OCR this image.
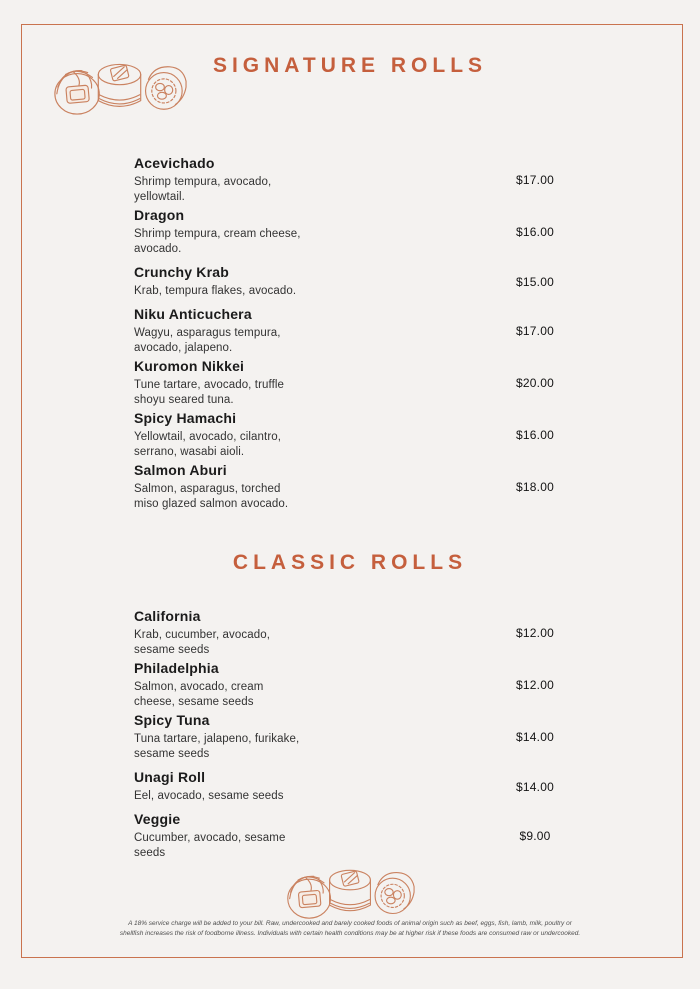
SIGNATURE ROLLS
Acevichado
Shrimp tempura, avocado, yellowtail.
$17.00
Dragon
Shrimp tempura, cream cheese, avocado.
$16.00
Crunchy Krab
Krab, tempura flakes, avocado.
$15.00
Niku Anticuchera
Wagyu, asparagus tempura, avocado, jalapeno.
$17.00
Kuromon Nikkei
Tune tartare, avocado, truffle shoyu seared tuna.
$20.00
Spicy Hamachi
Yellowtail, avocado, cilantro, serrano, wasabi aioli.
$16.00
Salmon Aburi
Salmon, asparagus, torched miso glazed salmon avocado.
$18.00
CLASSIC ROLLS
California
Krab, cucumber, avocado, sesame seeds
$12.00
Philadelphia
Salmon, avocado, cream cheese, sesame seeds
$12.00
Spicy Tuna
Tuna tartare, jalapeno, furikake, sesame seeds
$14.00
Unagi Roll
Eel, avocado, sesame seeds
$14.00
Veggie
Cucumber, avocado, sesame seeds
$9.00
A 18% service charge will be added to your bill. Raw, undercooked and barely cooked foods of animal origin such as beef, eggs, fish, lamb, milk, poultry or shellfish increases the risk of foodborne illness. Individuals with certain health conditions may be at higher risk if these foods are consumed raw or undercooked.
